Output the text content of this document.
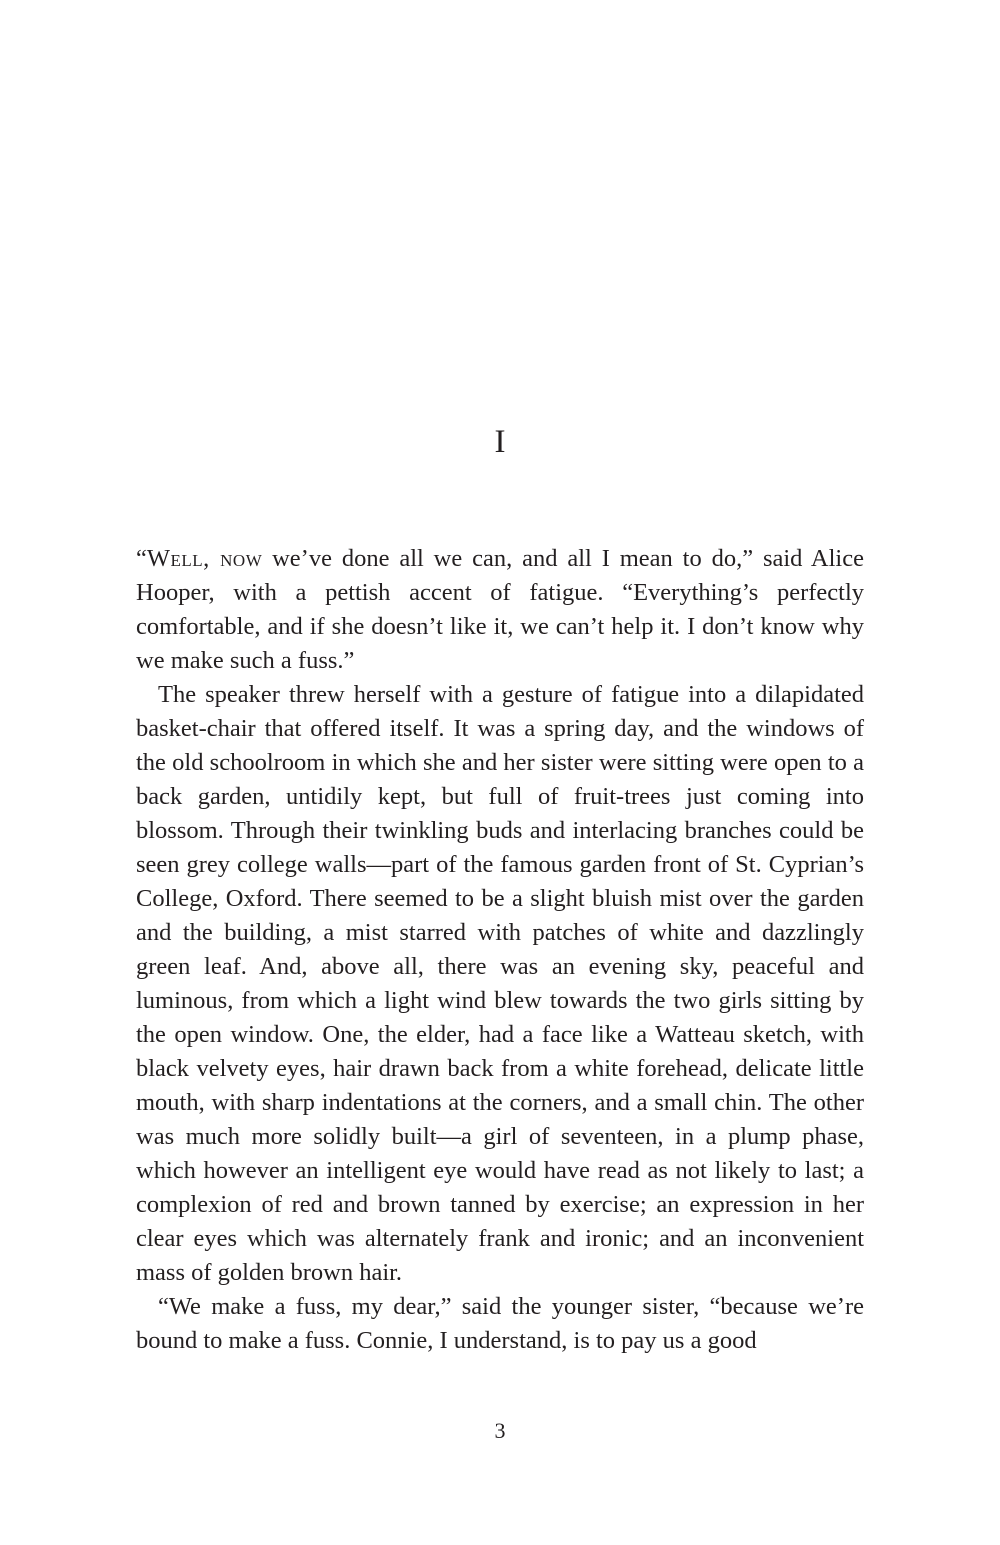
I

“Well, now we’ve done all we can, and all I mean to do,” said Alice Hooper, with a pettish accent of fatigue. “Everything’s perfectly comfortable, and if she doesn’t like it, we can’t help it. I don’t know why we make such a fuss.”

The speaker threw herself with a gesture of fatigue into a dilapidated basket-chair that offered itself. It was a spring day, and the windows of the old schoolroom in which she and her sister were sitting were open to a back garden, untidily kept, but full of fruit-trees just coming into blossom. Through their twinkling buds and interlacing branches could be seen grey college walls—part of the famous garden front of St. Cyprian’s College, Oxford. There seemed to be a slight bluish mist over the garden and the building, a mist starred with patches of white and dazzlingly green leaf. And, above all, there was an evening sky, peaceful and luminous, from which a light wind blew towards the two girls sitting by the open window. One, the elder, had a face like a Watteau sketch, with black velvety eyes, hair drawn back from a white forehead, delicate little mouth, with sharp indentations at the corners, and a small chin. The other was much more solidly built—a girl of seventeen, in a plump phase, which however an intelligent eye would have read as not likely to last; a complexion of red and brown tanned by exercise; an expression in her clear eyes which was alternately frank and ironic; and an inconvenient mass of golden brown hair.

“We make a fuss, my dear,” said the younger sister, “because we’re bound to make a fuss. Connie, I understand, is to pay us a good

3
